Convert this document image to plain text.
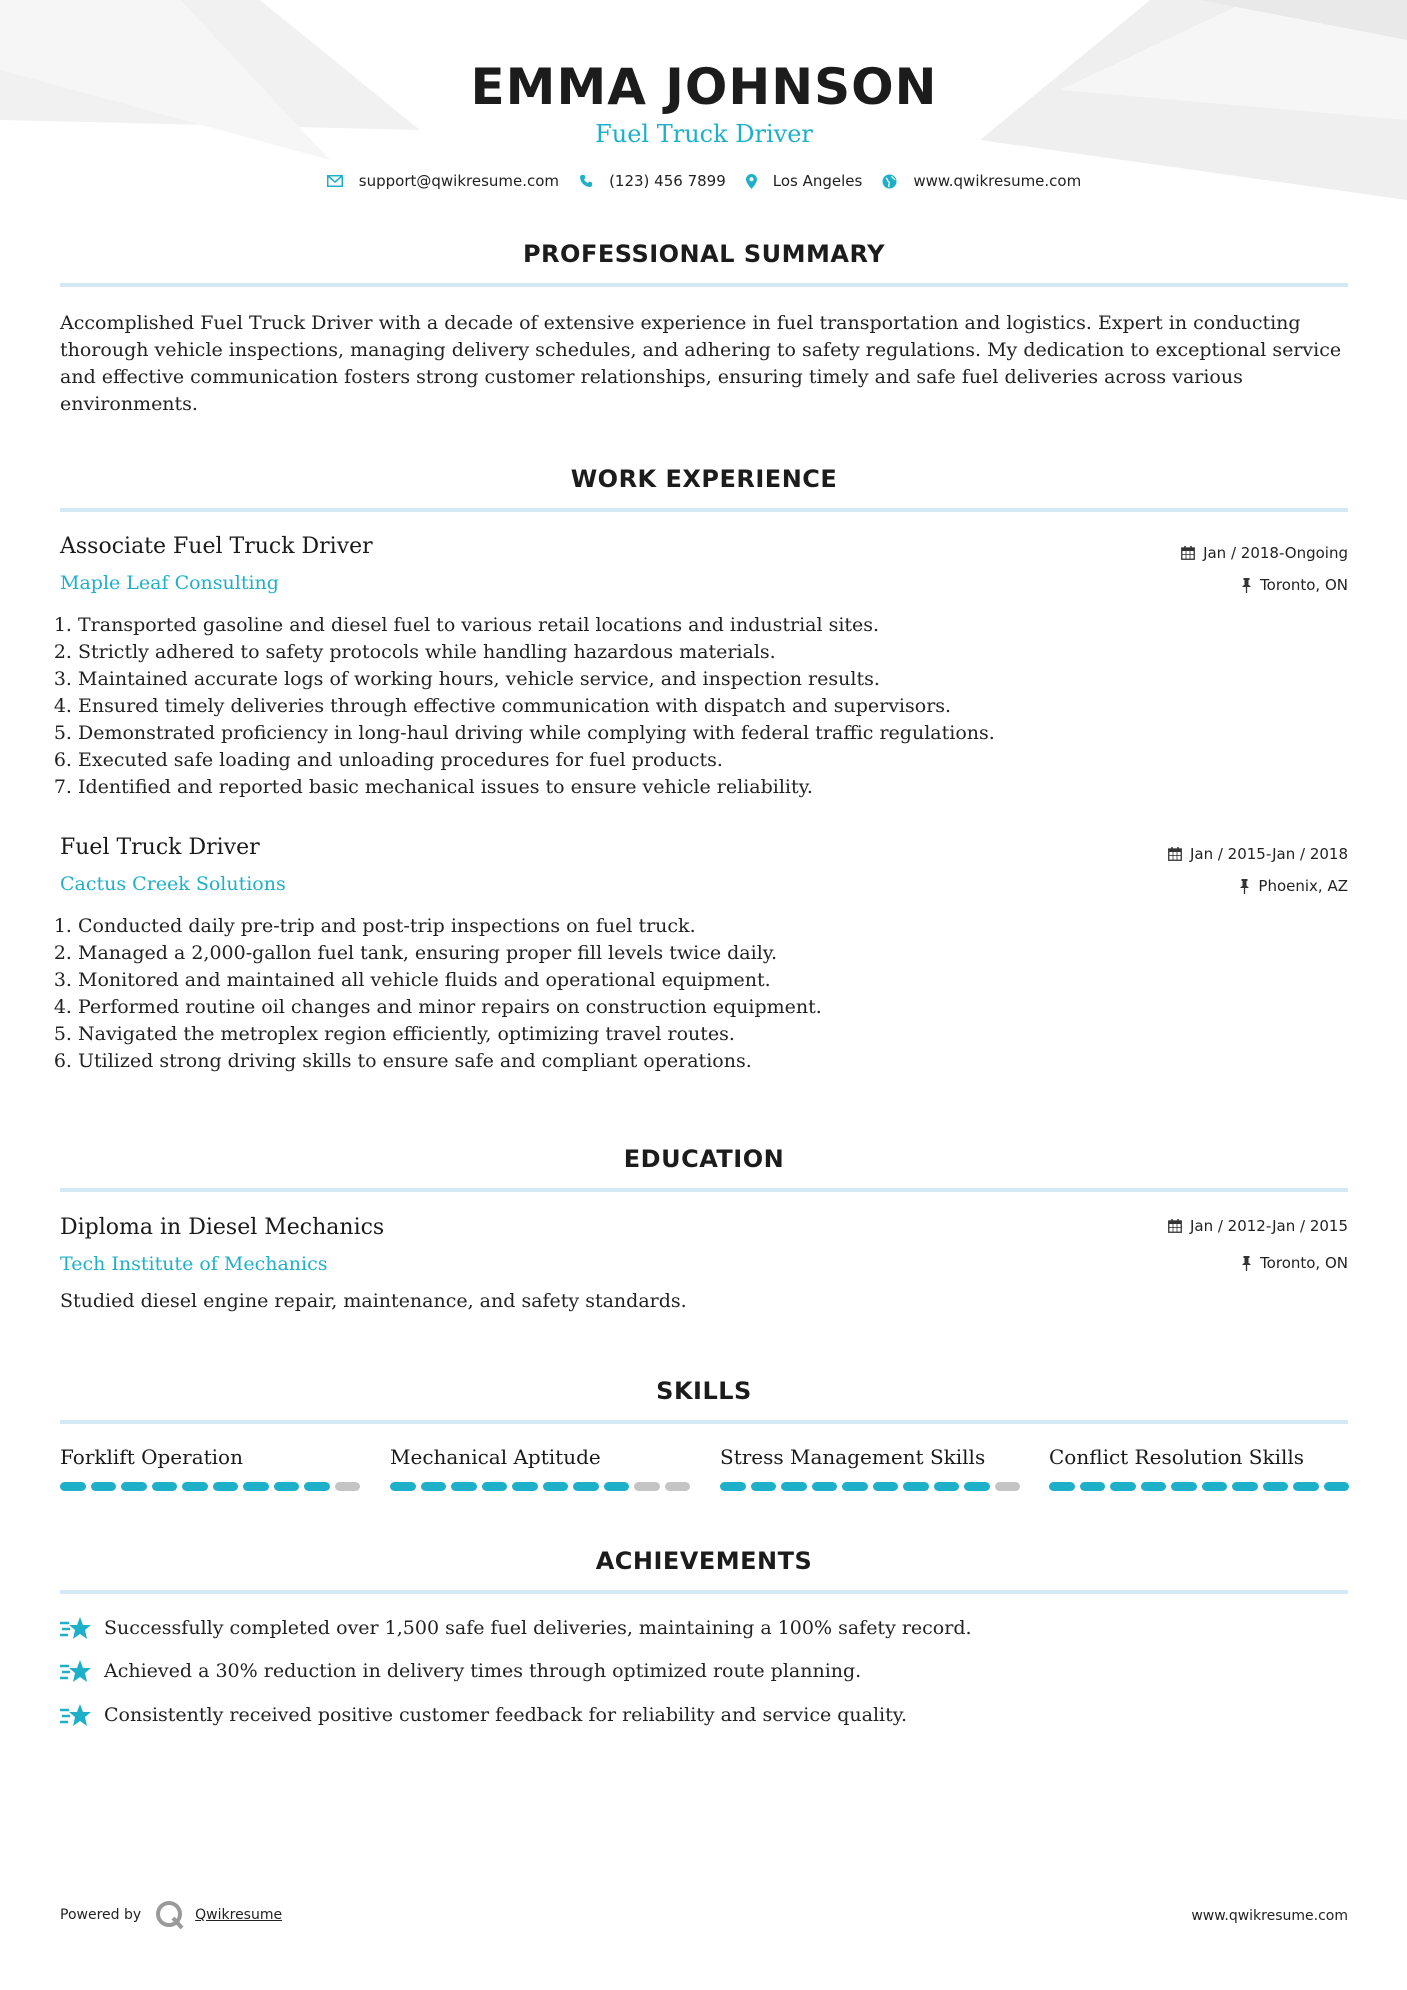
EMMA JOHNSON
Fuel Truck Driver
support@qwikresume.com	(123) 456 7899	Los Angeles	www.qwikresume.com
PROFESSIONAL SUMMARY
Accomplished Fuel Truck Driver with a decade of extensive experience in fuel transportation and logistics. Expert in conducting thorough vehicle inspections, managing delivery schedules, and adhering to safety regulations. My dedication to exceptional service and effective communication fosters strong customer relationships, ensuring timely and safe fuel deliveries across various environments.
WORK EXPERIENCE
Associate Fuel Truck Driver
Maple Leaf Consulting
Jan / 2018-Ongoing
Toronto, ON
1. Transported gasoline and diesel fuel to various retail locations and industrial sites.
2. Strictly adhered to safety protocols while handling hazardous materials.
3. Maintained accurate logs of working hours, vehicle service, and inspection results.
4. Ensured timely deliveries through effective communication with dispatch and supervisors.
5. Demonstrated proficiency in long-haul driving while complying with federal traffic regulations.
6. Executed safe loading and unloading procedures for fuel products.
7. Identified and reported basic mechanical issues to ensure vehicle reliability.
Fuel Truck Driver
Cactus Creek Solutions
Jan / 2015-Jan / 2018
Phoenix, AZ
1. Conducted daily pre-trip and post-trip inspections on fuel truck.
2. Managed a 2,000-gallon fuel tank, ensuring proper fill levels twice daily.
3. Monitored and maintained all vehicle fluids and operational equipment.
4. Performed routine oil changes and minor repairs on construction equipment.
5. Navigated the metroplex region efficiently, optimizing travel routes.
6. Utilized strong driving skills to ensure safe and compliant operations.
EDUCATION
Diploma in Diesel Mechanics
Tech Institute of Mechanics
Jan / 2012-Jan / 2015
Toronto, ON
Studied diesel engine repair, maintenance, and safety standards.
SKILLS
Forklift Operation	Mechanical Aptitude	Stress Management Skills	Conflict Resolution Skills
ACHIEVEMENTS
Successfully completed over 1,500 safe fuel deliveries, maintaining a 100% safety record.
Achieved a 30% reduction in delivery times through optimized route planning.
Consistently received positive customer feedback for reliability and service quality.
Powered by	Qwikresume	www.qwikresume.com
